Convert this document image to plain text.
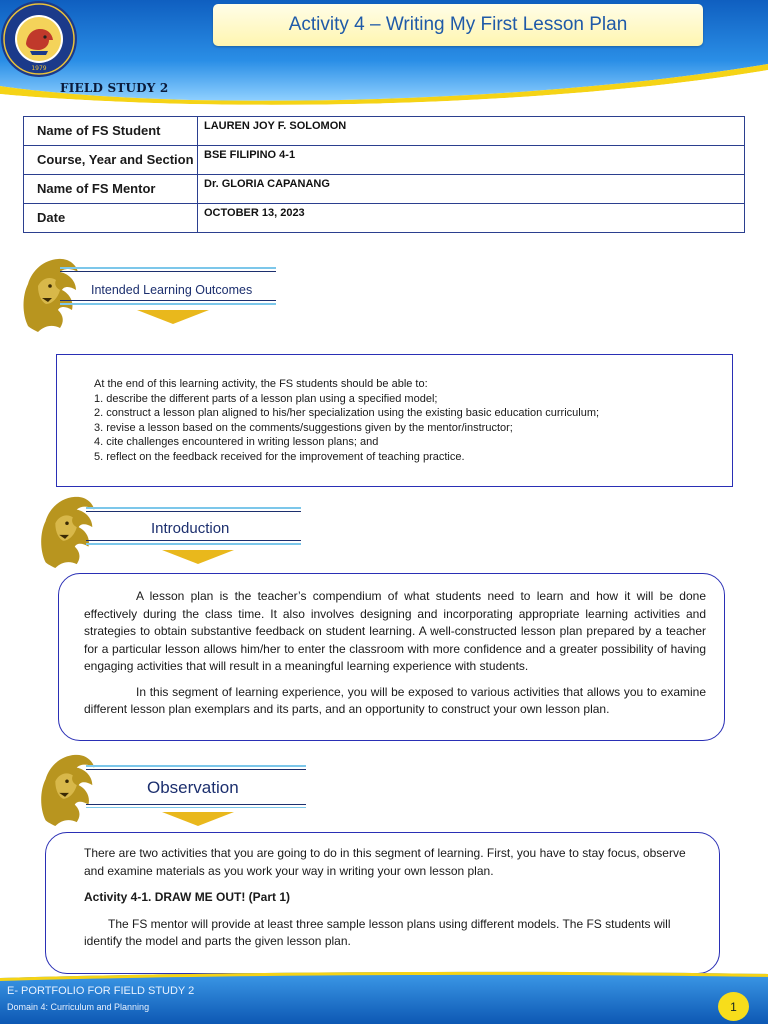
1979
FIELD STUDY 2
Activity 4 – Writing My First Lesson Plan
Name of FS Student	LAUREN JOY F. SOLOMON
Course, Year and Section	BSE FILIPINO 4-1
Name of FS Mentor	Dr. GLORIA CAPANANG
Date	OCTOBER 13, 2023
Intended Learning Outcomes
At the end of this learning activity, the FS students should be able to:
1. describe the different parts of a lesson plan using a specified model;
2. construct a lesson plan aligned to his/her specialization using the existing basic education curriculum;
3. revise a lesson based on the comments/suggestions given by the mentor/instructor;
4. cite challenges encountered in writing lesson plans; and
5. reflect on the feedback received for the improvement of teaching practice.
Introduction

A lesson plan is the teacher’s compendium of what students need to learn and how it will be done effectively during the class time. It also involves designing and incorporating appropriate learning activities and strategies to obtain substantive feedback on student learning. A well-constructed lesson plan prepared by a teacher for a particular lesson allows him/her to enter the classroom with more confidence and a greater possibility of having engaging activities that will result in a meaningful learning experience with students.

In this segment of learning experience, you will be exposed to various activities that allows you to examine different lesson plan exemplars and its parts, and an opportunity to construct your own lesson plan.

Observation
There are two activities that you are going to do in this segment of learning. First, you have to stay focus, observe and examine materials as you work your way in writing your own lesson plan.
Activity 4-1. DRAW ME OUT! (Part 1)
The FS mentor will provide at least three sample lesson plans using different models. The FS students will identify the model and parts the given lesson plan.
E- PORTFOLIO FOR FIELD STUDY 2
Domain 4: Curriculum and Planning	1
